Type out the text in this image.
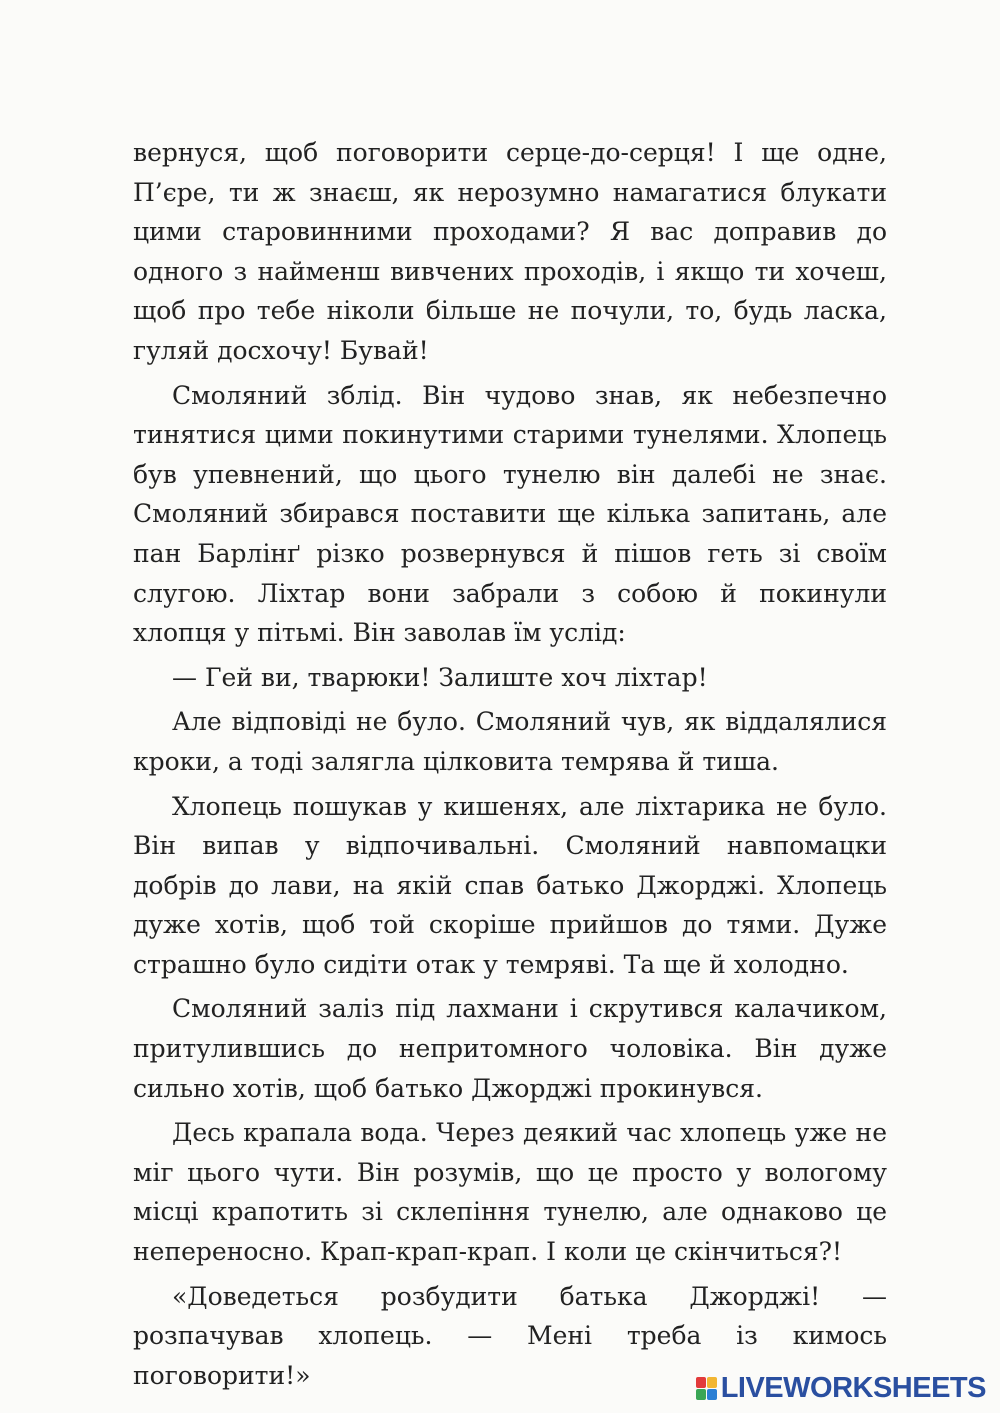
вернуся, щоб поговорити серце-до-серця! І ще одне, П’єре, ти ж знаєш, як нерозумно намагатися блукати цими старовинними проходами? Я вас доправив до одного з найменш вивчених проходів, і якщо ти хочеш, щоб про тебе ніколи більше не почули, то, будь ласка, гуляй досхочу! Бувай!

Смоляний зблід. Він чудово знав, як небезпечно тинятися цими покинутими старими тунелями. Хлопець був упевнений, що цього тунелю він далебі не знає. Смоляний збирався поставити ще кілька запитань, але пан Барлінґ різко розвернувся й пішов геть зі своїм слугою. Ліхтар вони забрали з собою й покинули хлопця у пітьмі. Він заволав їм услід:

— Гей ви, тварюки! Залиште хоч ліхтар!

Але відповіді не було. Смоляний чув, як віддалялися кроки, а тоді залягла цілковита темрява й тиша.

Хлопець пошукав у кишенях, але ліхтарика не було. Він випав у відпочивальні. Смоляний навпомацки добрів до лави, на якій спав батько Джорджі. Хлопець дуже хотів, щоб той скоріше прийшов до тями. Дуже страшно було сидіти отак у темряві. Та ще й холодно.

Смоляний заліз під лахмани і скрутився калачиком, притулившись до непритомного чоловіка. Він дуже сильно хотів, щоб батько Джорджі прокинувся.

Десь крапала вода. Через деякий час хлопець уже не міг цього чути. Він розумів, що це просто у вологому місці крапотить зі склепіння тунелю, але однаково це непереносно. Крап-крап-крап. І коли це скінчиться?!

«Доведеться розбудити батька Джорджі! — розпачував хлопець. — Мені треба із кимось поговорити!»	LIVEWORKSHEETS
